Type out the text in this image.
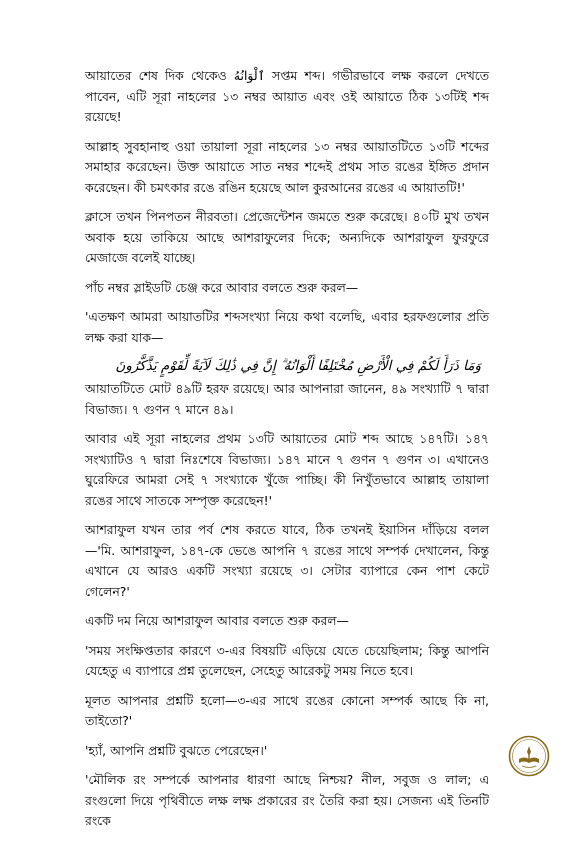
আয়াতের শেষ দিক থেকেও ٱلْوَانُهُ সপ্তম শব্দ। গভীরভাবে লক্ষ করলে দেখতে পাবেন, এটি সূরা নাহলের ১৩ নম্বর আয়াত এবং ওই আয়াতে ঠিক ১৩টিই শব্দ রয়েছে!

আল্লাহ সুবহানাহু ওয়া তায়ালা সূরা নাহলের ১৩ নম্বর আয়াতটিতে ১৩টি শব্দের সমাহার করেছেন। উক্ত আয়াতে সাত নম্বর শব্দেই প্রথম সাত রঙের ইঙ্গিত প্রদান করেছেন। কী চমৎকার রঙে রঙিন হয়েছে আল কুরআনের রঙের এ আয়াতটি!'

ক্লাসে তখন পিনপতন নীরবতা। প্রেজেন্টেশন জমতে শুরু করেছে। ৪০টি মুখ তখন অবাক হয়ে তাকিয়ে আছে আশরাফুলের দিকে; অন্যদিকে আশরাফুল ফুরফুরে মেজাজে বলেই যাচ্ছে।

পাঁচ নম্বর স্লাইডটি চেঞ্জ করে আবার বলতে শুরু করল—

'এতক্ষণ আমরা আয়াতটির শব্দসংখ্যা নিয়ে কথা বলেছি, এবার হরফগুলোর প্রতি লক্ষ করা যাক—

وَمَا ذَرَأَ لَكُمْ فِي الْأَرْضِ مُخْتَلِفًا أَلْوَانُهُ ۗ إِنَّ فِي ذَٰلِكَ لَآيَةً لِّقَوْمٍ يَذَّكَّرُونَ

আয়াতটিতে মোট ৪৯টি হরফ রয়েছে। আর আপনারা জানেন, ৪৯ সংখ্যাটি ৭ দ্বারা বিভাজ্য। ৭ গুণন ৭ মানে ৪৯।

আবার এই সূরা নাহলের প্রথম ১৩টি আয়াতের মোট শব্দ আছে ১৪৭টি। ১৪৭ সংখ্যাটিও ৭ দ্বারা নিঃশেষে বিভাজ্য। ১৪৭ মানে ৭ গুণন ৭ গুণন ৩। এখানেও ঘুরেফিরে আমরা সেই ৭ সংখ্যাকে খুঁজে পাচ্ছি। কী নিখুঁতভাবে আল্লাহ তায়ালা রঙের সাথে সাতকে সম্পৃক্ত করেছেন!'

আশরাফুল যখন তার পর্ব শেষ করতে যাবে, ঠিক তখনই ইয়াসিন দাঁড়িয়ে বলল—'মি. আশরাফুল, ১৪৭-কে ভেঙে আপনি ৭ রঙের সাথে সম্পর্ক দেখালেন, কিন্তু এখানে যে আরও একটি সংখ্যা রয়েছে ৩। সেটার ব্যাপারে কেন পাশ কেটে গেলেন?'

একটি দম নিয়ে আশরাফুল আবার বলতে শুরু করল—

'সময় সংক্ষিপ্ততার কারণে ৩-এর বিষয়টি এড়িয়ে যেতে চেয়েছিলাম; কিন্তু আপনি যেহেতু এ ব্যাপারে প্রশ্ন তুলেছেন, সেহেতু আরেকটু সময় নিতে হবে।

মূলত আপনার প্রশ্নটি হলো—৩-এর সাথে রঙের কোনো সম্পর্ক আছে কি না, তাইতো?'

'হ্যাঁ, আপনি প্রশ্নটি বুঝতে পেরেছেন।'

'মৌলিক রং সম্পর্কে আপনার ধারণা আছে নিশ্চয়? নীল, সবুজ ও লাল; এ রংগুলো দিয়ে পৃথিবীতে লক্ষ লক্ষ প্রকারের রং তৈরি করা হয়। সেজন্য এই তিনটি রংকে
